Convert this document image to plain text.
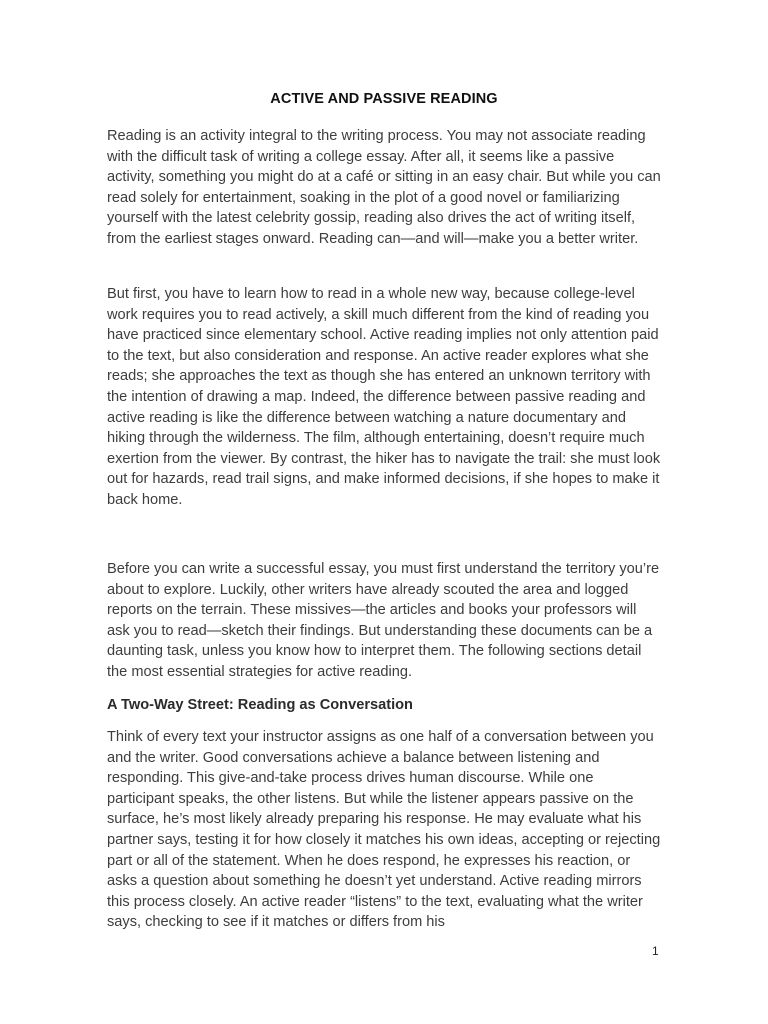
ACTIVE AND PASSIVE READING

Reading is an activity integral to the writing process. You may not associate reading with the difficult task of writing a college essay. After all, it seems like a passive activity, something you might do at a café or sitting in an easy chair. But while you can read solely for entertainment, soaking in the plot of a good novel or familiarizing yourself with the latest celebrity gossip, reading also drives the act of writing itself, from the earliest stages onward. Reading can—and will—make you a better writer.

But first, you have to learn how to read in a whole new way, because college-level work requires you to read actively, a skill much different from the kind of reading you have practiced since elementary school. Active reading implies not only attention paid to the text, but also consideration and response. An active reader explores what she reads; she approaches the text as though she has entered an unknown territory with the intention of drawing a map. Indeed, the difference between passive reading and active reading is like the difference between watching a nature documentary and hiking through the wilderness. The film, although entertaining, doesn’t require much exertion from the viewer. By contrast, the hiker has to navigate the trail: she must look out for hazards, read trail signs, and make informed decisions, if she hopes to make it back home.

Before you can write a successful essay, you must first understand the territory you’re about to explore. Luckily, other writers have already scouted the area and logged reports on the terrain. These missives—the articles and books your professors will ask you to read—sketch their findings. But understanding these documents can be a daunting task, unless you know how to interpret them. The following sections detail the most essential strategies for active reading.

A Two-Way Street: Reading as Conversation

Think of every text your instructor assigns as one half of a conversation between you and the writer. Good conversations achieve a balance between listening and responding. This give-and-take process drives human discourse. While one participant speaks, the other listens. But while the listener appears passive on the surface, he’s most likely already preparing his response. He may evaluate what his partner says, testing it for how closely it matches his own ideas, accepting or rejecting part or all of the statement. When he does respond, he expresses his reaction, or asks a question about something he doesn’t yet understand. Active reading mirrors this process closely. An active reader “listens” to the text, evaluating what the writer says, checking to see if it matches or differs from his

1
